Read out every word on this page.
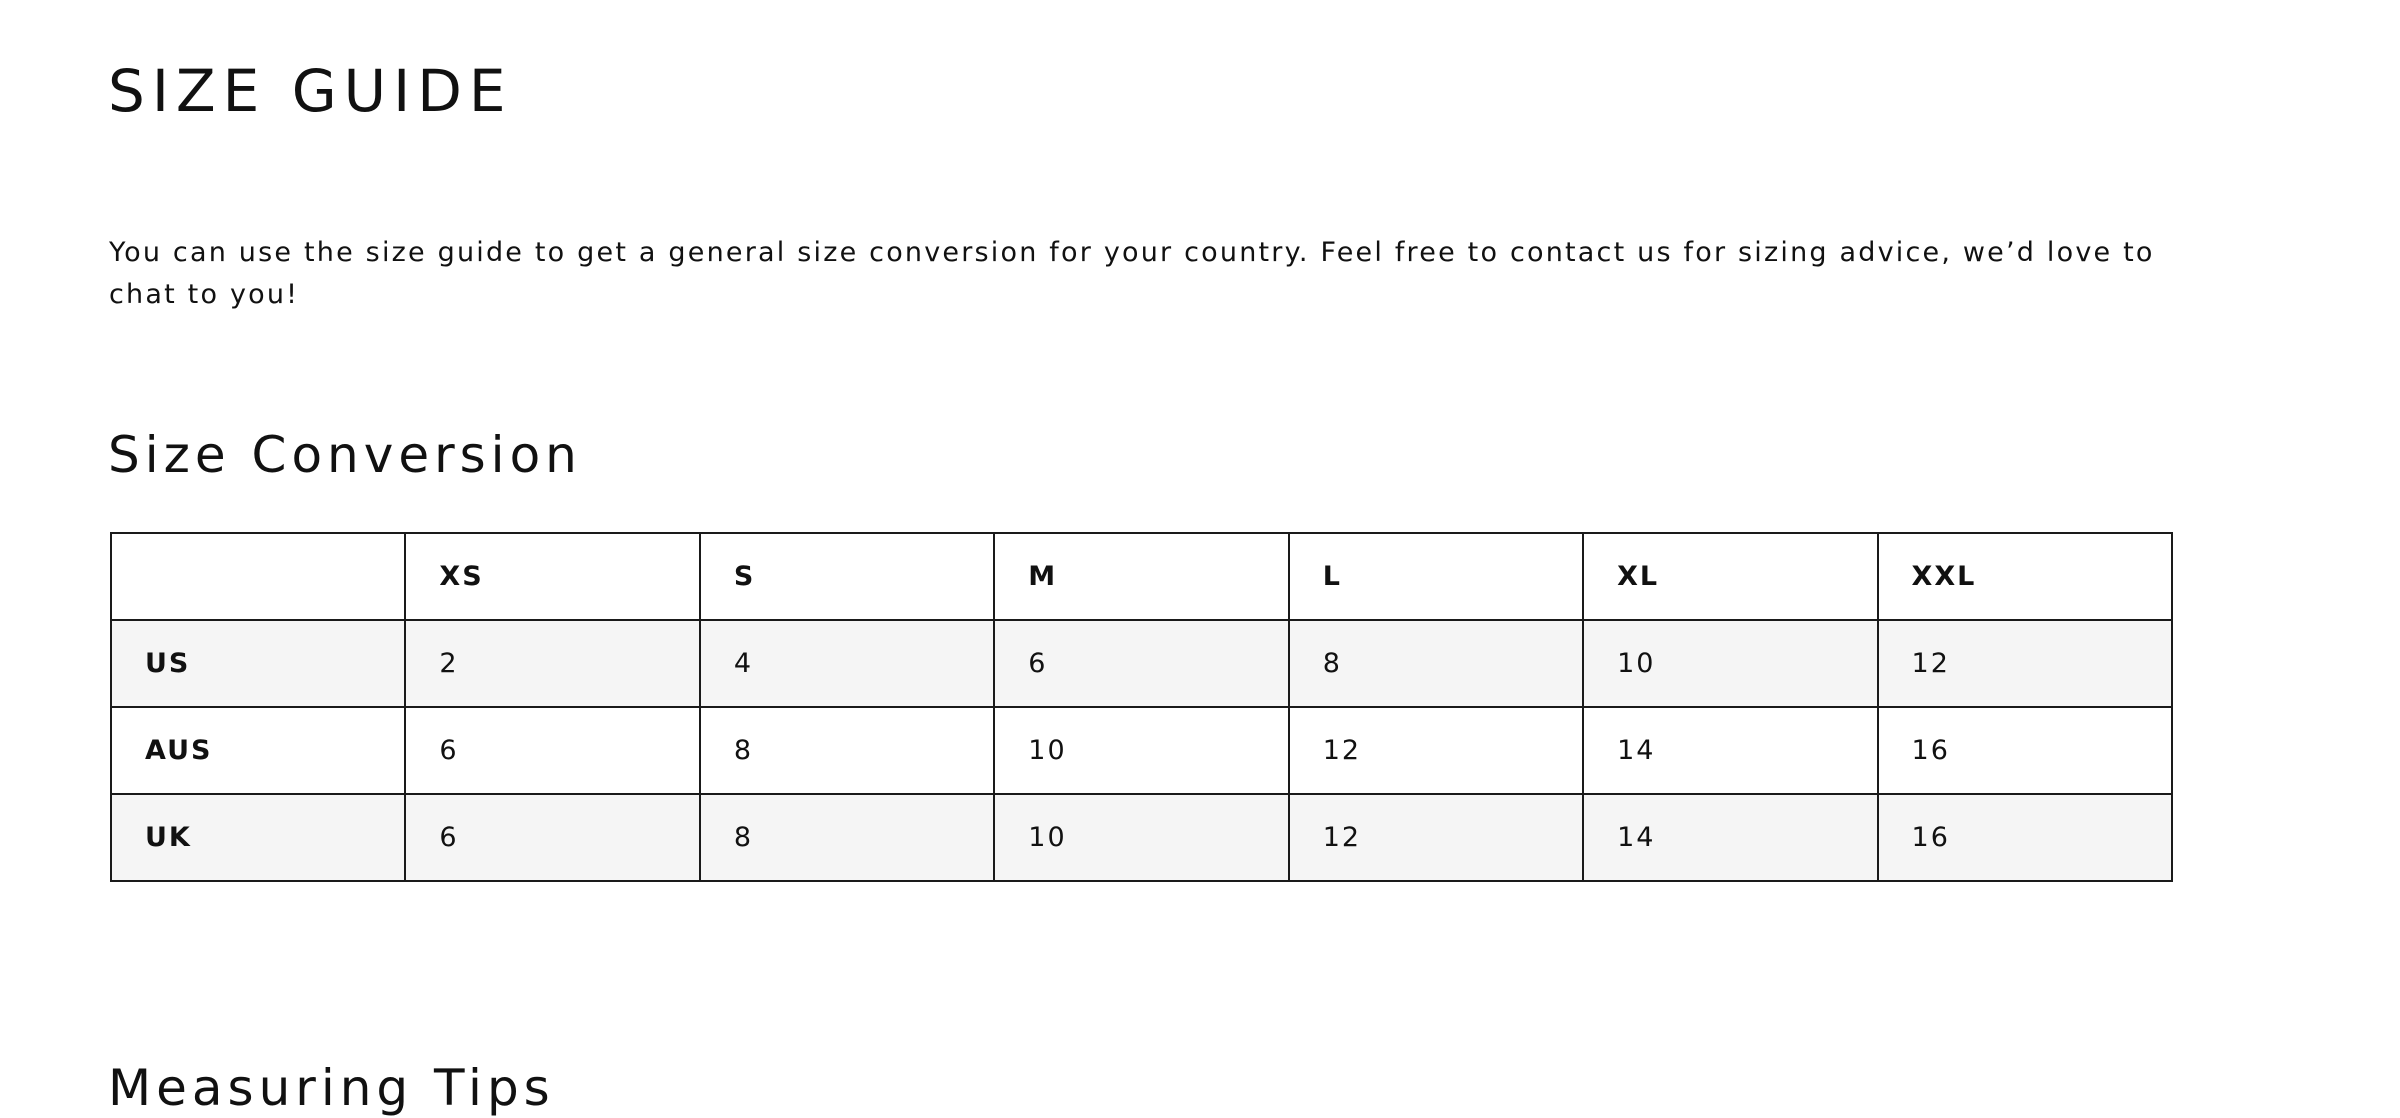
SIZE GUIDE

You can use the size guide to get a general size conversion for your country. Feel free to contact us for sizing advice, we’d love to chat to you!

Size Conversion
	XS	S	M	L	XL	XXL
US	2	4	6	8	10	12
AUS	6	8	10	12	14	16
UK	6	8	10	12	14	16
Measuring Tips
